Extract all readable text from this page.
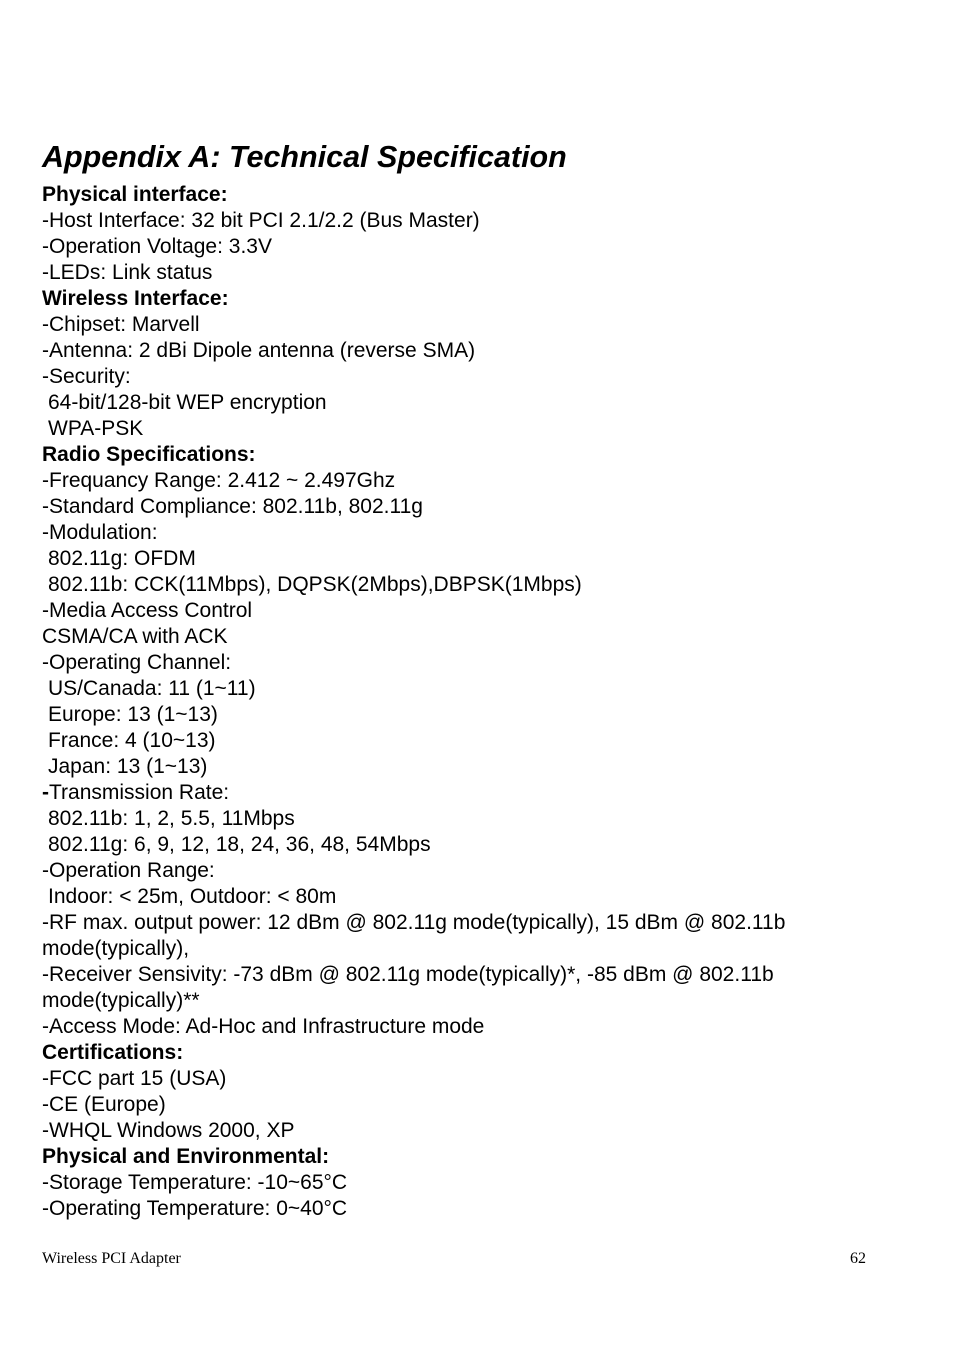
Appendix A: Technical Specification
Physical interface:
-Host Interface: 32 bit PCI 2.1/2.2 (Bus Master)
-Operation Voltage: 3.3V
-LEDs: Link status
Wireless Interface:
-Chipset: Marvell
-Antenna: 2 dBi Dipole antenna (reverse SMA)
-Security:
64-bit/128-bit WEP encryption
WPA-PSK
Radio Specifications:
-Frequancy Range: 2.412 ~ 2.497Ghz
-Standard Compliance: 802.11b, 802.11g
-Modulation:
802.11g: OFDM
802.11b: CCK(11Mbps), DQPSK(2Mbps),DBPSK(1Mbps)
-Media Access Control
CSMA/CA with ACK
-Operating Channel:
US/Canada: 11 (1~11)
Europe: 13 (1~13)
France: 4 (10~13)
Japan: 13 (1~13)
-Transmission Rate:
802.11b: 1, 2, 5.5, 11Mbps
802.11g: 6, 9, 12, 18, 24, 36, 48, 54Mbps
-Operation Range:
Indoor: < 25m, Outdoor: < 80m
-RF max. output power: 12 dBm @ 802.11g mode(typically), 15 dBm @ 802.11b
mode(typically),
-Receiver Sensivity: -73 dBm @ 802.11g mode(typically)*, -85 dBm @ 802.11b
mode(typically)**
-Access Mode: Ad-Hoc and Infrastructure mode
Certifications:
-FCC part 15 (USA)
-CE (Europe)
-WHQL Windows 2000, XP
Physical and Environmental:
-Storage Temperature: -10~65°C
-Operating Temperature: 0~40°C
Wireless PCI Adapter	62
